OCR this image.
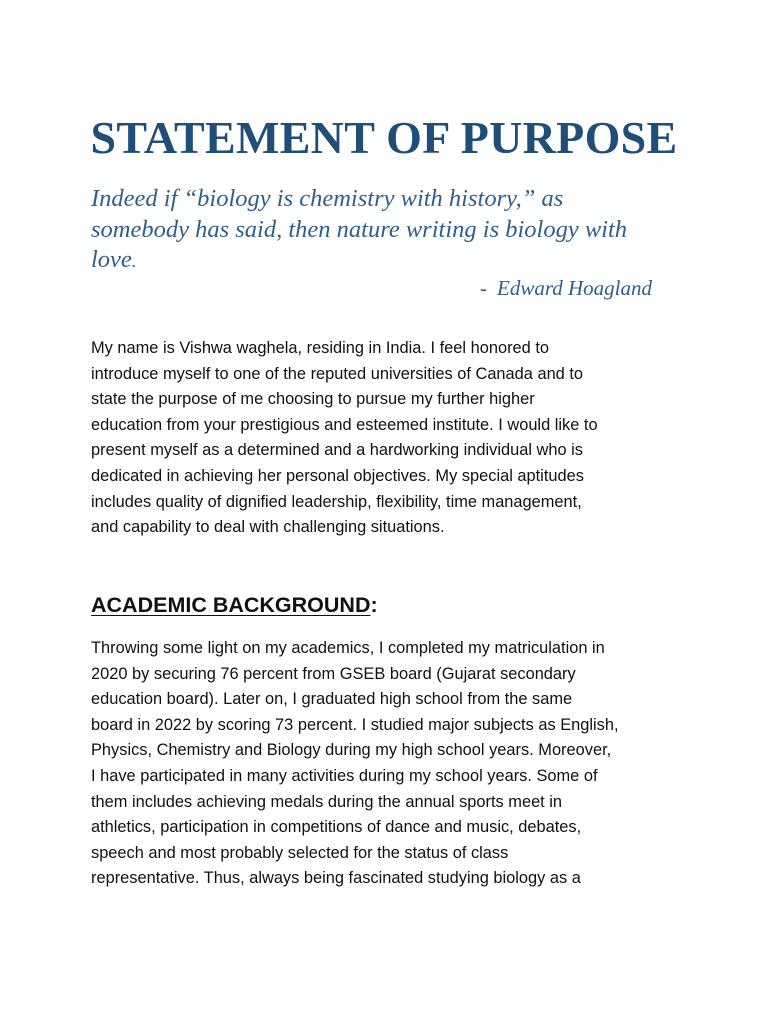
STATEMENT OF PURPOSE

Indeed if “biology is chemistry with history,” as
somebody has said, then nature writing is biology with
love.

- Edward Hoagland

My name is Vishwa waghela, residing in India. I feel honored to
introduce myself to one of the reputed universities of Canada and to
state the purpose of me choosing to pursue my further higher
education from your prestigious and esteemed institute. I would like to
present myself as a determined and a hardworking individual who is
dedicated in achieving her personal objectives. My special aptitudes
includes quality of dignified leadership, flexibility, time management,
and capability to deal with challenging situations.

ACADEMIC BACKGROUND:

Throwing some light on my academics, I completed my matriculation in
2020 by securing 76 percent from GSEB board (Gujarat secondary
education board). Later on, I graduated high school from the same
board in 2022 by scoring 73 percent. I studied major subjects as English,
Physics, Chemistry and Biology during my high school years. Moreover,
I have participated in many activities during my school years. Some of
them includes achieving medals during the annual sports meet in
athletics, participation in competitions of dance and music, debates,
speech and most probably selected for the status of class
representative. Thus, always being fascinated studying biology as a
